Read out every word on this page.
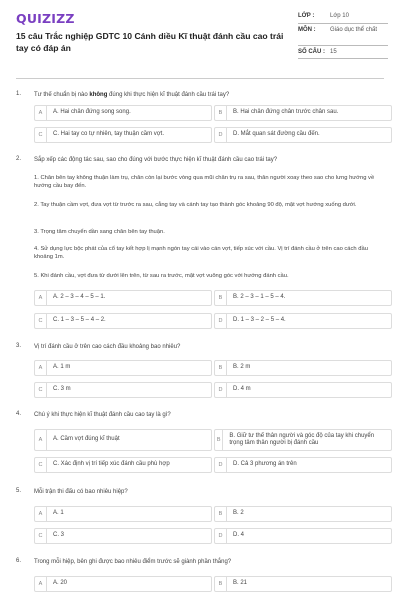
QUIZIZZ
15 câu Trắc nghiệp GDTC 10 Cánh diều Kĩ thuật đánh cầu cao trái tay có đáp án
LỚP :	Lớp 10
MÔN :	Giáo dục thể chất
SỐ CÂU : 15
1. Tư thế chuẩn bị nào không đúng khi thực hiện kĩ thuật đánh cầu trái tay?
A	A. Hai chân đứng song song.	B	B. Hai chân đứng chân trước chân sau.
C	C. Hai tay co tự nhiên, tay thuận cầm vợt.	D	D. Mắt quan sát đường cầu đến.
2. Sắp xếp các động tác sau, sao cho đúng với bước thực hiện kĩ thuật đánh cầu cao trái tay?
1. Chân bên tay không thuận làm trụ, chân còn lại bước vòng qua mũi chân trụ ra sau, thân người xoay theo sao cho lưng hướng về hướng cầu bay đến.
2. Tay thuận cầm vợt, đưa vợt từ trước ra sau, cẳng tay và cánh tay tạo thành góc khoảng 90 độ, mặt vợt hướng xuống dưới.
3. Trọng tâm chuyển dần sang chân bên tay thuận.
4. Sử dụng lực bộc phát của cổ tay kết hợp lị mạnh ngón tay cái vào cán vợt, tiếp xúc với cầu. Vị trí đánh cầu ở trên cao cách đầu khoảng 1m.
5. Khi đánh cầu, vợt đưa từ dưới lên trên, từ sau ra trước, mặt vợt vuông góc với hướng đánh cầu.
A	A. 2 – 3 – 4 – 5 – 1.	B	B. 2 – 3 – 1 – 5 – 4.
C	C. 1 – 3 – 5 – 4 – 2.	D	D. 1 – 3 – 2 – 5 – 4.
3. Vị trí đánh cầu ở trên cao cách đầu khoảng bao nhiêu?
A	A. 1 m	B	B. 2 m
C	C. 3 m	D	D. 4 m
4. Chú ý khi thực hiện kĩ thuật đánh cầu cao tay là gì?
A	A. Cầm vợt đúng kĩ thuật	B
B. Giữ tư thế thân người và góc độ của tay khi chuyển trọng tâm thân người bị đánh cầu
C	C. Xác định vị trí tiếp xúc đánh cầu phù hợp	D	D. Cả 3 phương án trên
5. Mỗi trận thi đấu có bao nhiêu hiệp?
A	A. 1	B	B. 2
C	C. 3	D	D. 4
6. Trong mỗi hiệp, bên ghi được bao nhiêu điểm trước sẽ giành phần thắng?
A	A. 20	B	B. 21
